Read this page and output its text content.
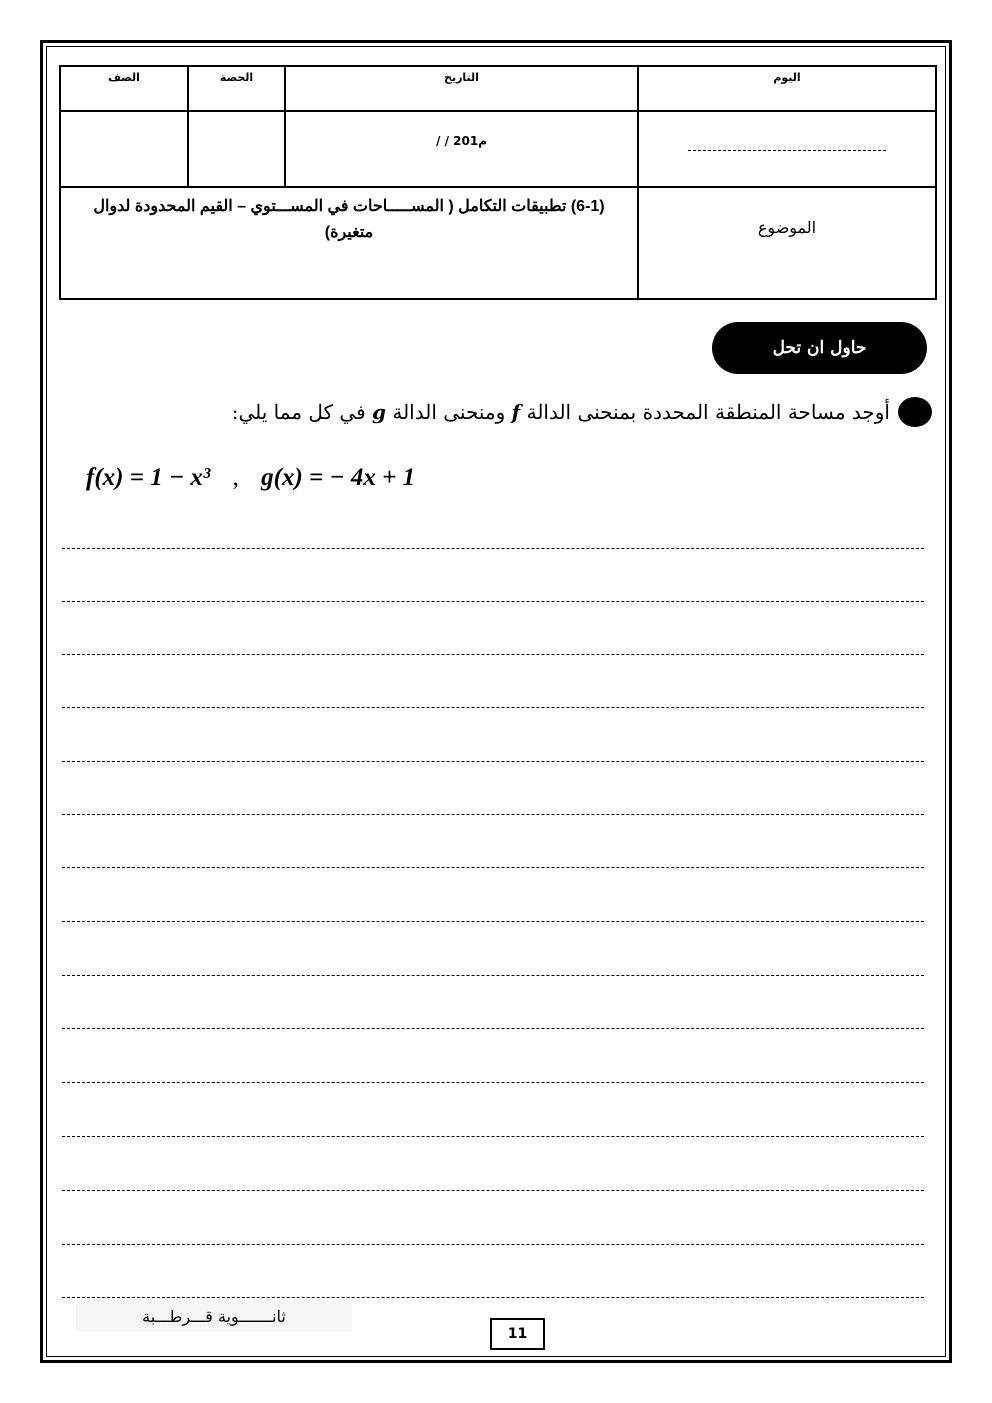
الصف	الحصة	التاريخ	اليوم

		/ / 201م	

(6-1) تطبيقات التكامل ( المســـــاحات في المســـتوي – القيم المحدودة لدوال متغيرة)			الموضوع
حاول ان تحل
أوجد مساحة المنطقة المحددة بمنحنى الدالة f ومنحنى الدالة g في كل مما يلي:
f(x) = 1 − x³ , g(x) = − 4x + 1
ثانـــــــوية قـــرطـــبة
11
